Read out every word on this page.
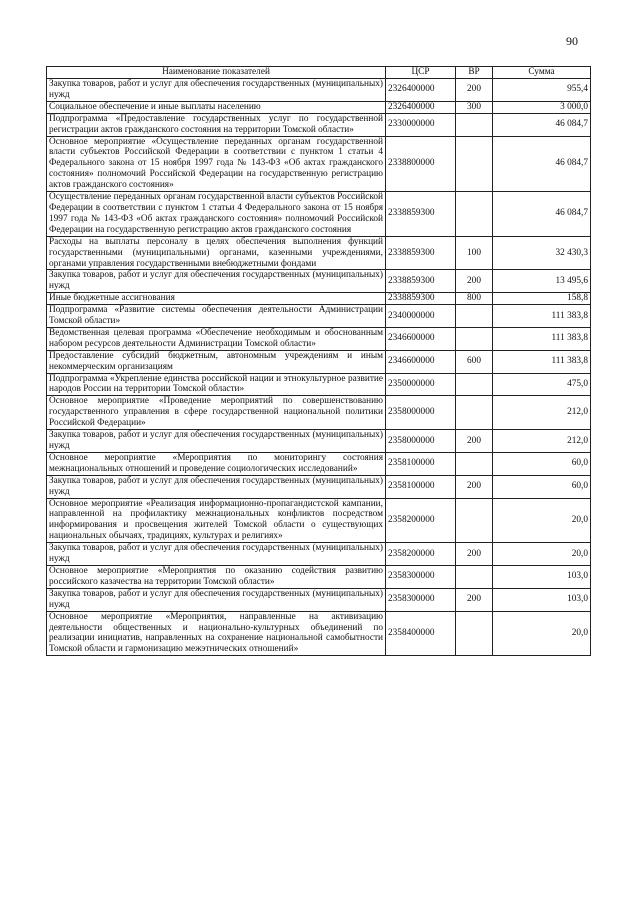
90
Наименование показателей	ЦСР	ВР	Сумма
Закупка товаров, работ и услуг для обеспечения государственных (муниципальных) нужд	2326400000	200	955,4
Социальное обеспечение и иные выплаты населению	2326400000	300	3 000,0
Подпрограмма «Предоставление государственных услуг по государственной регистрации актов гражданского состояния на территории Томской области»	2330000000		46 084,7
Основное мероприятие «Осуществление переданных органам государственной власти субъектов Российской Федерации в соответствии с пунктом 1 статьи 4 Федерального закона от 15 ноября 1997 года № 143-ФЗ «Об актах гражданского состояния» полномочий Российской Федерации на государственную регистрацию актов гражданского состояния»	2338800000		46 084,7
Осуществление переданных органам государственной власти субъектов Российской Федерации в соответствии с пунктом 1 статьи 4 Федерального закона от 15 ноября 1997 года № 143-ФЗ «Об актах гражданского состояния» полномочий Российской Федерации на государственную регистрацию актов гражданского состояния	2338859300		46 084,7
Расходы на выплаты персоналу в целях обеспечения выполнения функций государственными (муниципальными) органами, казенными учреждениями, органами управления государственными внебюджетными фондами	2338859300	100	32 430,3
Закупка товаров, работ и услуг для обеспечения государственных (муниципальных) нужд	2338859300	200	13 495,6
Иные бюджетные ассигнования	2338859300	800	158,8
Подпрограмма «Развитие системы обеспечения деятельности Администрации Томской области»	2340000000		111 383,8
Ведомственная целевая программа «Обеспечение необходимым и обоснованным набором ресурсов деятельности Администрации Томской области»	2346600000		111 383,8
Предоставление субсидий бюджетным, автономным учреждениям и иным некоммерческим организациям	2346600000	600	111 383,8
Подпрограмма «Укрепление единства российской нации и этнокультурное развитие народов России на территории Томской области»	2350000000		475,0
Основное мероприятие «Проведение мероприятий по совершенствованию государственного управления в сфере государственной национальной политики Российской Федерации»	2358000000		212,0
Закупка товаров, работ и услуг для обеспечения государственных (муниципальных) нужд	2358000000	200	212,0
Основное мероприятие «Мероприятия по мониторингу состояния межнациональных отношений и проведение социологических исследований»	2358100000		60,0
Закупка товаров, работ и услуг для обеспечения государственных (муниципальных) нужд	2358100000	200	60,0
Основное мероприятие «Реализация информационно-пропагандистской кампании, направленной на профилактику межнациональных конфликтов посредством информирования и просвещения жителей Томской области о существующих национальных обычаях, традициях, культурах и религиях»	2358200000		20,0
Закупка товаров, работ и услуг для обеспечения государственных (муниципальных) нужд	2358200000	200	20,0
Основное мероприятие «Мероприятия по оказанию содействия развитию российского казачества на территории Томской области»	2358300000		103,0
Закупка товаров, работ и услуг для обеспечения государственных (муниципальных) нужд	2358300000	200	103,0
Основное мероприятие «Мероприятия, направленные на активизацию деятельности общественных и национально-культурных объединений по реализации инициатив, направленных на сохранение национальной самобытности Томской области и гармонизацию межэтнических отношений»	2358400000		20,0
